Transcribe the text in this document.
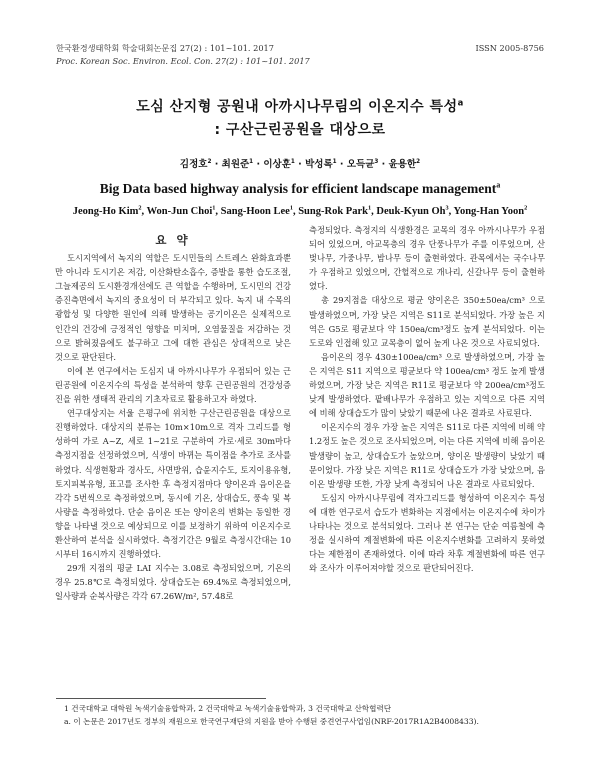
한국환경생태학회 학술대회논문집 27(2) : 101~101. 2017
Proc. Korean Soc. Environ. Ecol. Con. 27(2) : 101~101. 2017
ISSN 2005-8756
도심 산지형 공원내 아까시나무림의 이온지수 특성$^a$
: 구산근린공원을 대상으로
김정호$^2$ · 최원준$^1$ · 이상훈$^1$ · 박성록$^1$ · 오득균$^3$ · 윤용한$^2$
Big Data based highway analysis for efficient landscape management$^a$
Jeong-Ho Kim$^2$, Won-Jun Choi$^1$, Sang-Hoon Lee$^1$, Sung-Rok Park$^1$, Deuk-Kyun Oh$^3$, Yong-Han Yoon$^2$
요 약

도시지역에서 녹지의 역할은 도시민들의 스트레스 완화효과뿐만 아니라 도시기온 저감, 이산화탄소흡수, 증발을 통한 습도조절, 그늘제공의 도시환경개선에도 큰 역할을 수행하며, 도시민의 건강증진측면에서 녹지의 중요성이 더 부각되고 있다. 녹지 내 수목의 광합성 및 다양한 원인에 의해 발생하는 공기이온은 실제적으로 인간의 건강에 긍정적인 영향을 미치며, 오염물질을 저감하는 것으로 밝혀졌음에도 불구하고 그에 대한 관심은 상대적으로 낮은 것으로 판단된다.

이에 본 연구에서는 도심지 내 아까시나무가 우점되어 있는 근린공원에 이온지수의 특성을 분석하여 향후 근린공원의 건강성증진을 위한 생태적 관리의 기초자료로 활용하고자 하였다.

연구대상지는 서울 은평구에 위치한 구산근린공원을 대상으로 진행하였다. 대상지의 분류는 10m×10m으로 격자 그리드를 형성하여 가로 A~Z, 세로 1~21로 구분하여 가로·세로 30m마다 측정지점을 선정하였으며, 식생이 바뀌는 특이점을 추가로 조사를 하였다. 식생현황과 경사도, 사면방위, 습윤지수도, 토지이용유형, 토지피복유형, 표고를 조사한 후 측정지점마다 양이온과 음이온을 각각 5번씩으로 측정하였으며, 동시에 기온, 상대습도, 풍속 및 복사량을 측정하였다. 단순 음이온 또는 양이온의 변화는 동일한 경향을 나타낼 것으로 예상되므로 이를 보정하기 위하여 이온지수로 환산하여 분석을 실시하였다. 측정기간은 9월로 측정시간대는 10시부터 16시까지 진행하였다.

29개 지점의 평균 LAI 지수는 3.08로 측정되었으며, 기온의 경우 25.8℃로 측정되었다. 상대습도는 69.4%로 측정되었으며, 일사량과 순복사량은 각각 67.26W/m², 57.48로

측정되었다. 측정지의 식생환경은 교목의 경우 아까시나무가 우점되어 있었으며, 아교목층의 경우 단풍나무가 주를 이루었으며, 산벚나무, 가중나무, 밤나무 등이 출현하였다. 관목에서는 국수나무가 우점하고 있었으며, 간헐적으로 개나리, 신갈나무 등이 출현하였다.

총 29지점을 대상으로 평균 양이온은 350±50ea/cm³ 으로 발생하였으며, 가장 낮은 지역은 S11로 분석되었다. 가장 높은 지역은 G5로 평균보다 약 150ea/cm³정도 높게 분석되었다. 이는 도로와 인접해 있고 교목층이 없어 높게 나온 것으로 사료되었다.

음이온의 경우 430±100ea/cm³ 으로 발생하였으며, 가장 높은 지역은 S11 지역으로 평균보다 약 100ea/cm³ 정도 높게 발생하였으며, 가장 낮은 지역은 R11로 평균보다 약 200ea/cm³정도 낮게 발생하였다. 팥배나무가 우점하고 있는 지역으로 다른 지역에 비해 상대습도가 많이 낮았기 때문에 나온 결과로 사료된다.

이온지수의 경우 가장 높은 지역은 S11로 다른 지역에 비해 약 1.2정도 높은 것으로 조사되었으며, 이는 다른 지역에 비해 음이온 발생량이 높고, 상대습도가 높았으며, 양이온 발생량이 낮았기 때문이었다. 가장 낮은 지역은 R11로 상대습도가 가장 낮았으며, 음이온 발생량 또한, 가장 낮게 측정되어 나온 결과로 사료되었다.

도심지 아까시나무림에 격자그리드를 형성하여 이온지수 특성에 대한 연구로서 습도가 변화하는 지점에서는 이온지수에 차이가 나타나는 것으로 분석되었다. 그러나 본 연구는 단순 여름철에 측정을 실시하여 계절변화에 따른 이온지수변화를 고려하지 못하였다는 제한점이 존재하였다. 이에 따라 차후 계절변화에 따른 연구와 조사가 이루어져야할 것으로 판단되어진다.

1 건국대학교 대학원 녹색기술융합학과, 2 건국대학교 녹색기술융합학과, 3 건국대학교 산학협력단
a. 이 논문은 2017년도 정부의 재원으로 한국연구재단의 지원을 받아 수행된 중견연구사업임(NRF-2017R1A2B4008433).
